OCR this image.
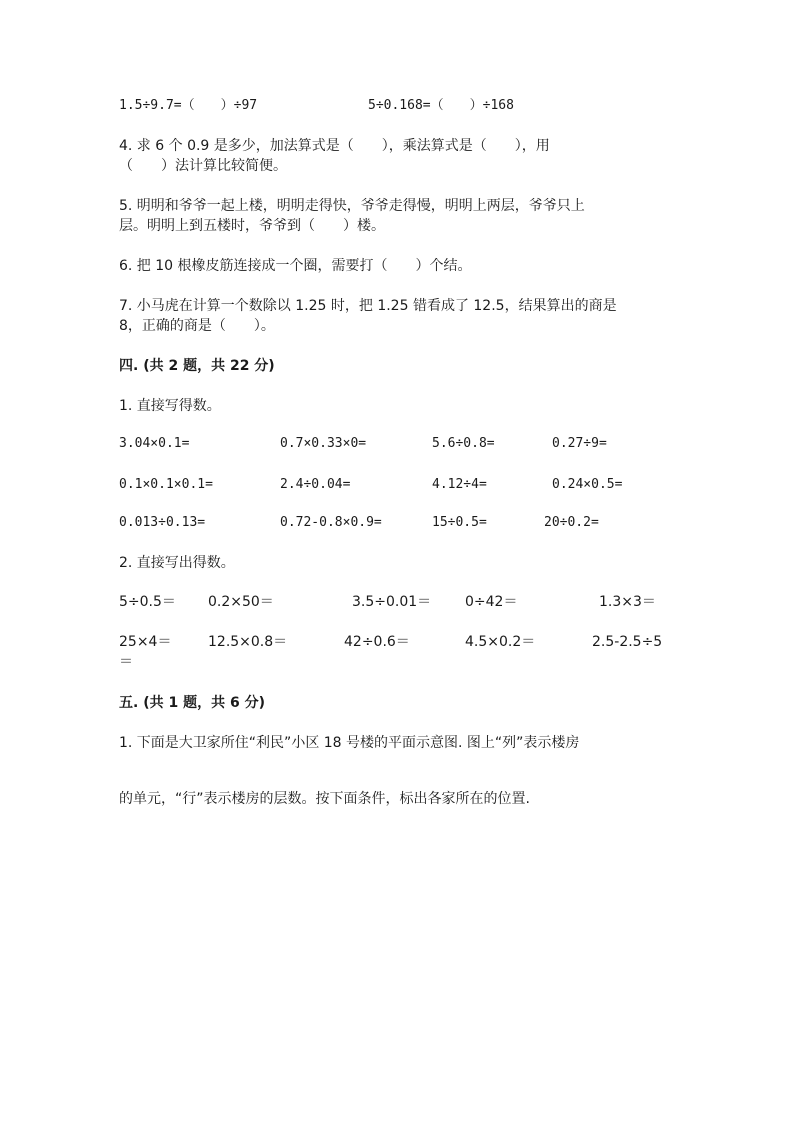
1.5÷9.7=（　　）÷97	5÷0.168=（　　）÷168
4. 求 6 个 0.9 是多少，加法算式是（　　），乘法算式是（　　），用
（　　）法计算比较简便。
5. 明明和爷爷一起上楼，明明走得快，爷爷走得慢，明明上两层，爷爷只上
层。明明上到五楼时，爷爷到（　　）楼。
6. 把 10 根橡皮筋连接成一个圈，需要打（　　）个结。
7. 小马虎在计算一个数除以 1.25 时，把 1.25 错看成了 12.5，结果算出的商是
8，正确的商是（　　）。
四. (共 2 题，共 22 分)
1. 直接写得数。
3.04×0.1=	0.7×0.33×0=	5.6÷0.8=	0.27÷9=
0.1×0.1×0.1=	2.4÷0.04=	4.12÷4=	0.24×0.5=
0.013÷0.13=	0.72-0.8×0.9=	15÷0.5=	20÷0.2=
2. 直接写出得数。
5÷0.5＝ 0.2×50＝	3.5÷0.01＝ 0÷42＝	1.3×3＝
25×4＝	12.5×0.8＝	42÷0.6＝	4.5×0.2＝	2.5-2.5÷5
＝
五. (共 1 题，共 6 分)
1. 下面是大卫家所住“利民”小区 18 号楼的平面示意图. 图上“列”表示楼房
的单元，“行”表示楼房的层数。按下面条件，标出各家所在的位置.
